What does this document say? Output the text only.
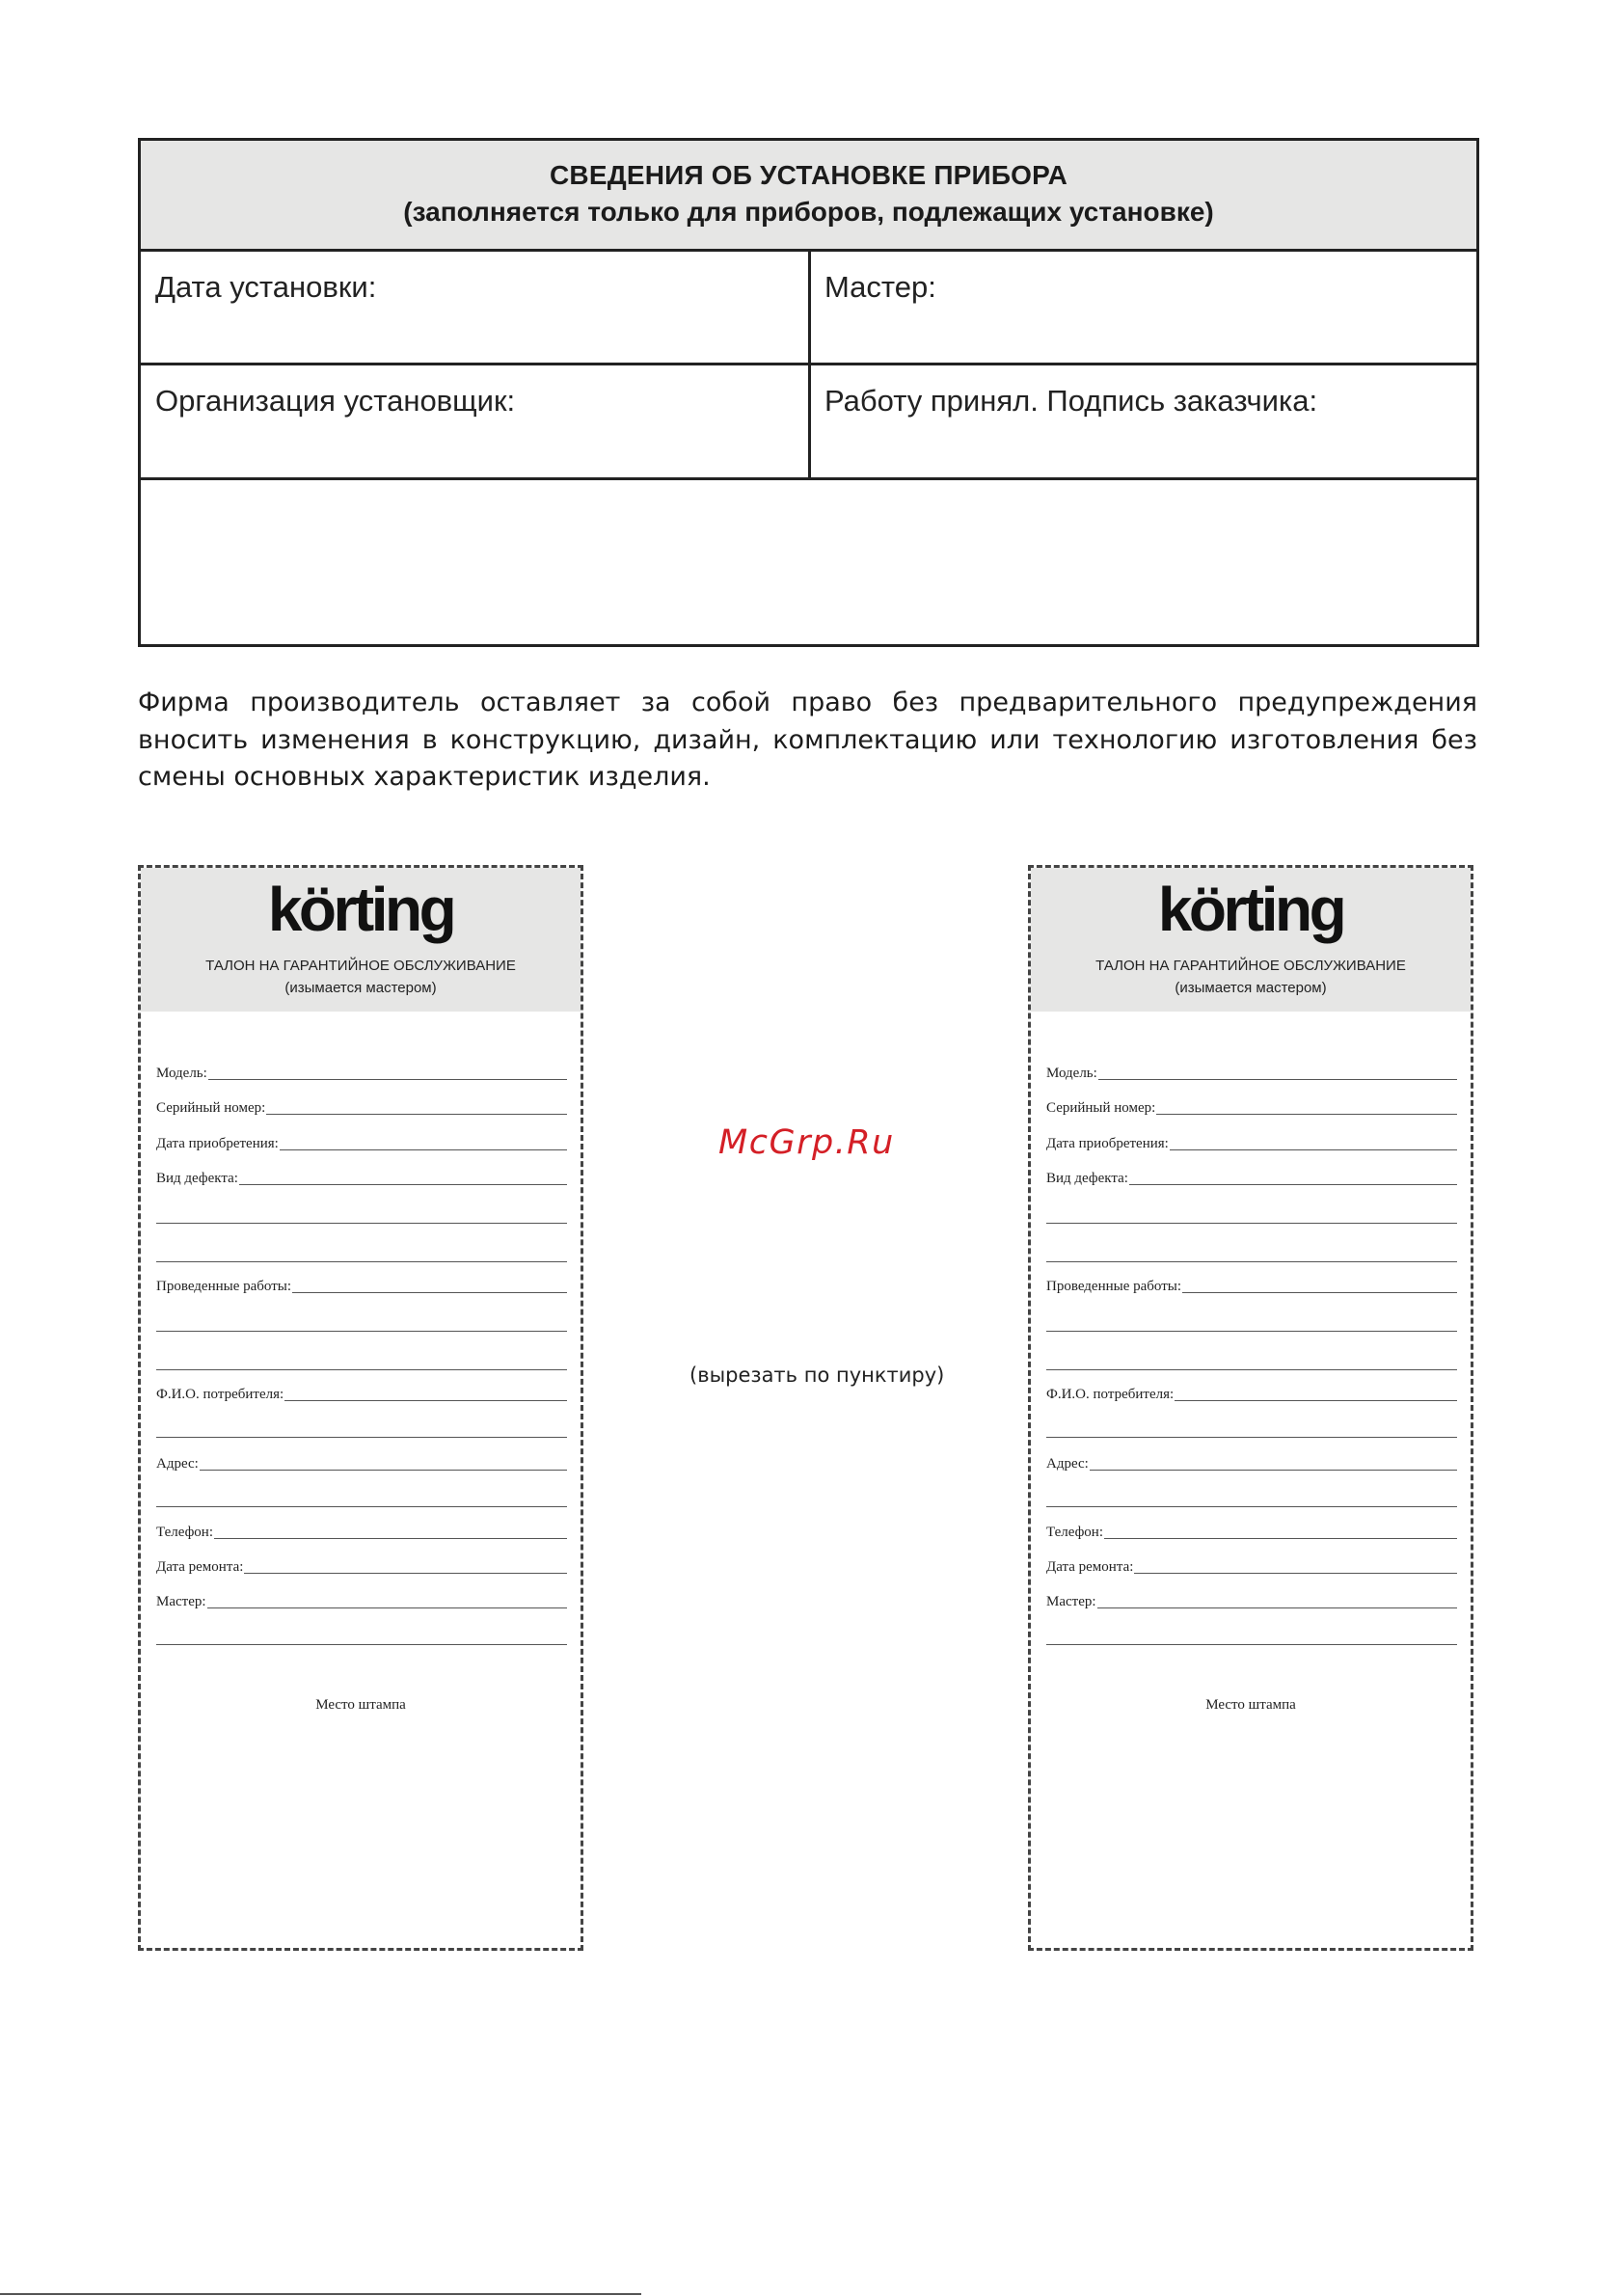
СВЕДЕНИЯ ОБ УСТАНОВКЕ ПРИБОРА
(заполняется только для приборов, подлежащих установке)
Дата установки:	Мастер:
Организация установщик:	Работу принял. Подпись заказчика:
Фирма производитель оставляет за собой право без предварительного предупреждения вносить изменения в конструкцию, дизайн, комплектацию или технологию изготовления без смены основных характеристик изделия.
körting
ТАЛОН НА ГАРАНТИЙНОЕ ОБСЛУЖИВАНИЕ
(изымается мастером)
Модель:
Серийный номер:
Дата приобретения:
Вид дефекта:
Проведенные работы:
Ф.И.О. потребителя:
Адрес:
Телефон:
Дата ремонта:
Мастер:
Место штампа
körting
ТАЛОН НА ГАРАНТИЙНОЕ ОБСЛУЖИВАНИЕ
(изымается мастером)
Модель:
Серийный номер:
Дата приобретения:
Вид дефекта:
Проведенные работы:
Ф.И.О. потребителя:
Адрес:
Телефон:
Дата ремонта:
Мастер:
Место штампа
McGrp.Ru
(вырезать по пунктиру)
